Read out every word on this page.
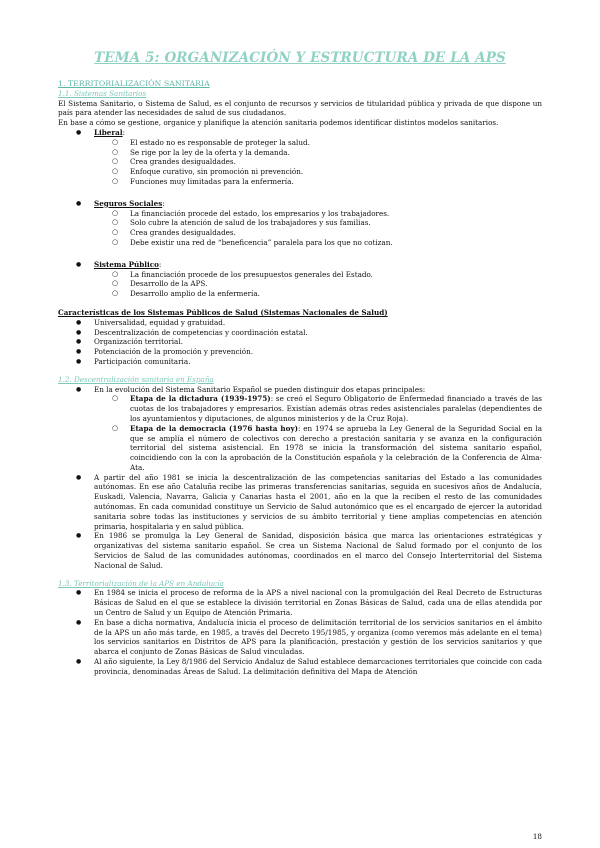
TEMA 5: ORGANIZACIÓN Y ESTRUCTURA DE LA APS

1. TERRITORIALIZACIÓN SANITARIA

1.1. Sistemas Sanitarios

El Sistema Sanitario, o Sistema de Salud, es el conjunto de recursos y servicios de titularidad pública y privada de que dispone un país para atender las necesidades de salud de sus ciudadanos.

En base a cómo se gestione, organice y planifique la atención sanitaria podemos identificar distintos modelos sanitarios.

● Liberal:
○ El estado no es responsable de proteger la salud.
○ Se rige por la ley de la oferta y la demanda.
○ Crea grandes desigualdades.
○ Enfoque curativo, sin promoción ni prevención.
○ Funciones muy limitadas para la enfermería.
● Seguros Sociales:
○ La financiación procede del estado, los empresarios y los trabajadores.
○ Solo cubre la atención de salud de los trabajadores y sus familias.
○ Crea grandes desigualdades.
○ Debe existir una red de “beneficencia” paralela para los que no cotizan.
● Sistema Público:
○ La financiación procede de los presupuestos generales del Estado.
○ Desarrollo de la APS.
○ Desarrollo amplio de la enfermería.

Características de los Sistemas Públicos de Salud (Sistemas Nacionales de Salud)

● Universalidad, equidad y gratuidad.
● Descentralización de competencias y coordinación estatal.
● Organización territorial.
● Potenciación de la promoción y prevención.
● Participación comunitaria.

1.2. Descentralización sanitaria en España

● En la evolución del Sistema Sanitario Español se pueden distinguir dos etapas principales:
○ Etapa de la dictadura (1939-1975): se creó el Seguro Obligatorio de Enfermedad financiado a través de las cuotas de los trabajadores y empresarios. Existían además otras redes asistenciales paralelas (dependientes de los ayuntamientos y diputaciones, de algunos ministerios y de la Cruz Roja).
○ Etapa de la democracia (1976 hasta hoy): en 1974 se aprueba la Ley General de la Seguridad Social en la que se amplía el número de colectivos con derecho a prestación sanitaria y se avanza en la configuración territorial del sistema asistencial. En 1978 se inicia la transformación del sistema sanitario español, coincidiendo con la con la aprobación de la Constitución española y la celebración de la Conferencia de Alma-Ata.
● A partir del año 1981 se inicia la descentralización de las competencias sanitarias del Estado a las comunidades autónomas. En ese año Cataluña recibe las primeras transferencias sanitarias, seguida en sucesivos años de Andalucía, Euskadi, Valencia, Navarra, Galicia y Canarias hasta el 2001, año en la que la reciben el resto de las comunidades autónomas. En cada comunidad constituye un Servicio de Salud autonómico que es el encargado de ejercer la autoridad sanitaria sobre todas las instituciones y servicios de su ámbito territorial y tiene amplias competencias en atención primaria, hospitalaria y en salud pública.
● En 1986 se promulga la Ley General de Sanidad, disposición básica que marca las orientaciones estratégicas y organizativas del sistema sanitario español. Se crea un Sistema Nacional de Salud formado por el conjunto de los Servicios de Salud de las comunidades autónomas, coordinados en el marco del Consejo Interterritorial del Sistema Nacional de Salud.

1.3. Territorialización de la APS en Andalucía

● En 1984 se inicia el proceso de reforma de la APS a nivel nacional con la promulgación del Real Decreto de Estructuras Básicas de Salud en el que se establece la división territorial en Zonas Básicas de Salud, cada una de ellas atendida por un Centro de Salud y un Equipo de Atención Primaria.
● En base a dicha normativa, Andalucía inicia el proceso de delimitación territorial de los servicios sanitarios en el ámbito de la APS un año más tarde, en 1985, a través del Decreto 195/1985, y organiza (como veremos más adelante en el tema) los servicios sanitarios en Distritos de APS para la planificación, prestación y gestión de los servicios sanitarios y que abarca el conjunto de Zonas Básicas de Salud vinculadas.
● Al año siguiente, la Ley 8/1986 del Servicio Andaluz de Salud establece demarcaciones territoriales que coincide con cada provincia, denominadas Áreas de Salud. La delimitación definitiva del Mapa de Atención
18
